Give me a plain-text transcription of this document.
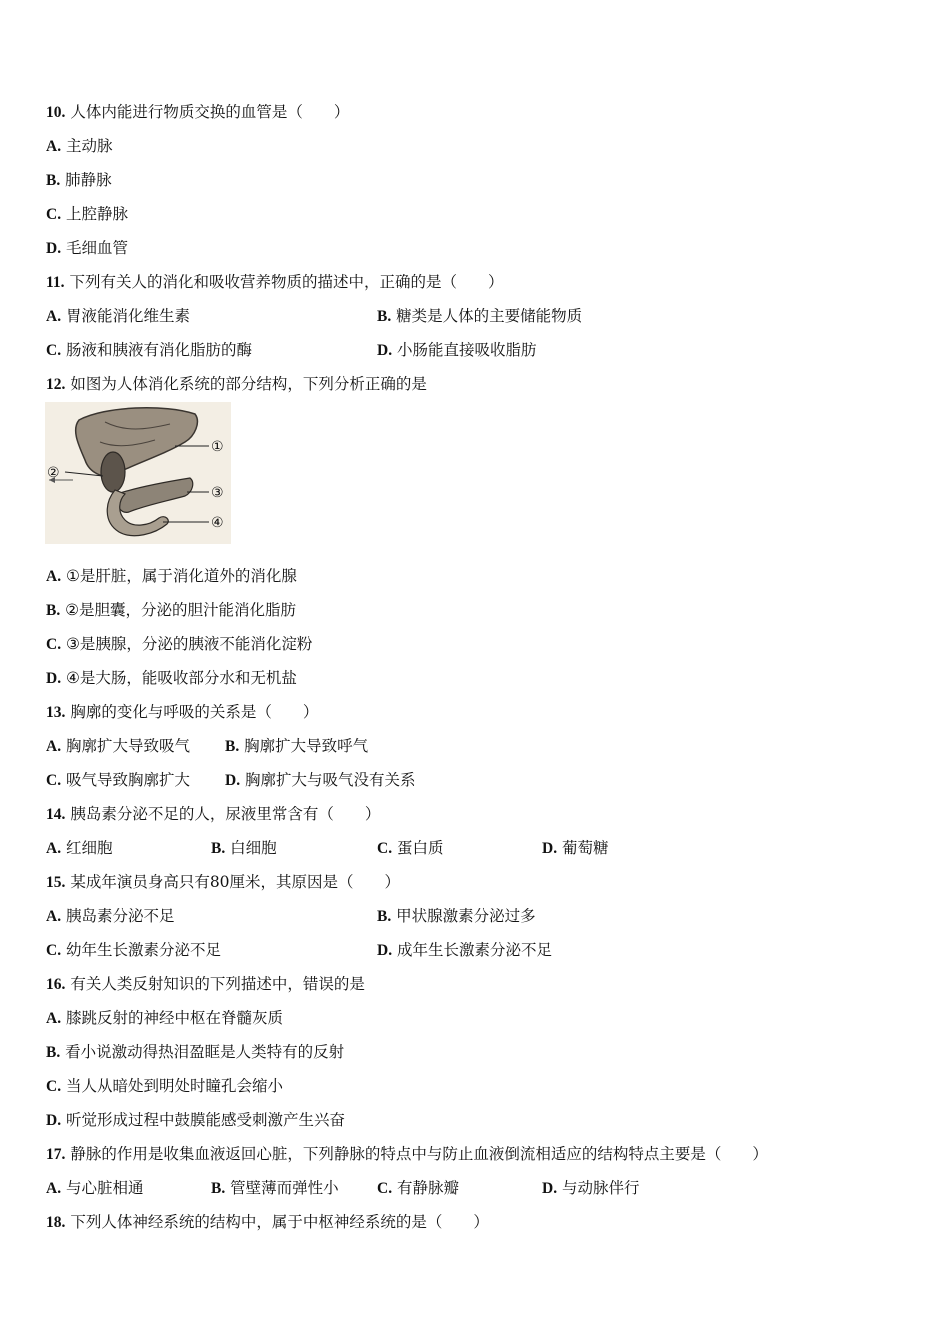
10. 人体内能进行物质交换的血管是（　　）
A. 主动脉
B. 肺静脉
C. 上腔静脉
D. 毛细血管
11. 下列有关人的消化和吸收营养物质的描述中，正确的是（　　）
A. 胃液能消化维生素	B. 糖类是人体的主要储能物质
C. 肠液和胰液有消化脂肪的酶	D. 小肠能直接吸收脂肪
12. 如图为人体消化系统的部分结构，下列分析正确的是
①
②
③
④
A. ①是肝脏，属于消化道外的消化腺
B. ②是胆囊，分泌的胆汁能消化脂肪
C. ③是胰腺，分泌的胰液不能消化淀粉
D. ④是大肠，能吸收部分水和无机盐
13. 胸廓的变化与呼吸的关系是（　　）
A. 胸廓扩大导致吸气 B. 胸廓扩大导致呼气
C. 吸气导致胸廓扩大 D. 胸廓扩大与吸气没有关系
14. 胰岛素分泌不足的人，尿液里常含有（　　）
A. 红细胞	B. 白细胞	C. 蛋白质	D. 葡萄糖
15. 某成年演员身高只有80厘米，其原因是（　　）
A. 胰岛素分泌不足	B. 甲状腺激素分泌过多
C. 幼年生长激素分泌不足	D. 成年生长激素分泌不足
16. 有关人类反射知识的下列描述中，错误的是
A. 膝跳反射的神经中枢在脊髓灰质
B. 看小说激动得热泪盈眶是人类特有的反射
C. 当人从暗处到明处时瞳孔会缩小
D. 听觉形成过程中鼓膜能感受刺激产生兴奋
17. 静脉的作用是收集血液返回心脏，下列静脉的特点中与防止血液倒流相适应的结构特点主要是（　　）
A. 与心脏相通	B. 管壁薄而弹性小 C. 有静脉瓣	D. 与动脉伴行
18. 下列人体神经系统的结构中，属于中枢神经系统的是（　　）
